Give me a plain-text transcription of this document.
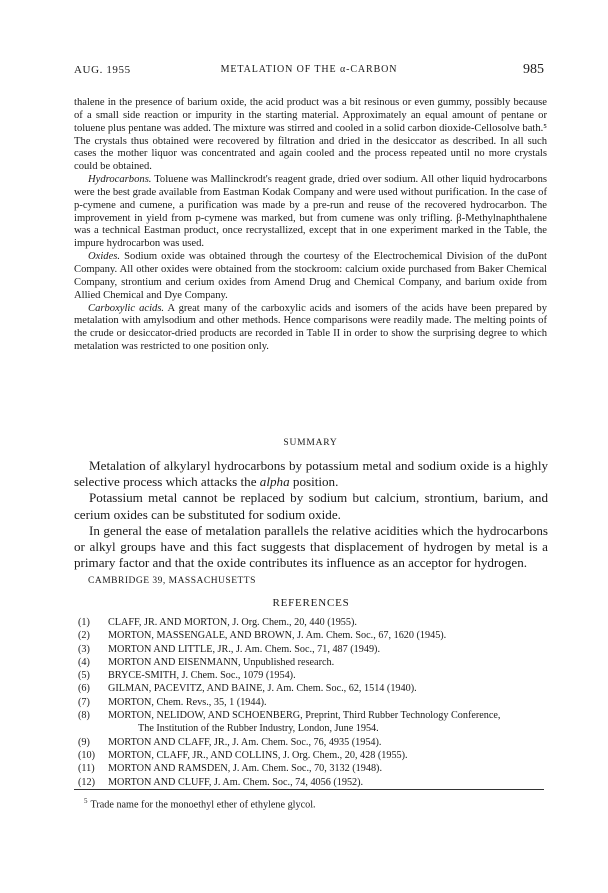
AUG. 1955	METALATION OF THE α-CARBON	985

thalene in the presence of barium oxide, the acid product was a bit resinous or even gummy, possibly because of a small side reaction or impurity in the starting material. Approximately an equal amount of pentane or toluene plus pentane was added. The mixture was stirred and cooled in a solid carbon dioxide-Cellosolve bath.⁵ The crystals thus obtained were recovered by filtration and dried in the desiccator as described. In all such cases the mother liquor was concentrated and again cooled and the process repeated until no more crystals could be obtained.

Hydrocarbons. Toluene was Mallinckrodt's reagent grade, dried over sodium. All other liquid hydrocarbons were the best grade available from Eastman Kodak Company and were used without purification. In the case of p-cymene and cumene, a purification was made by a pre-run and reuse of the recovered hydrocarbon. The improvement in yield from p-cymene was marked, but from cumene was only trifling. β-Methylnaphthalene was a technical Eastman product, once recrystallized, except that in one experiment marked in the Table, the impure hydrocarbon was used.

Oxides. Sodium oxide was obtained through the courtesy of the Electrochemical Division of the duPont Company. All other oxides were obtained from the stockroom: calcium oxide purchased from Baker Chemical Company, strontium and cerium oxides from Amend Drug and Chemical Company, and barium oxide from Allied Chemical and Dye Company.

Carboxylic acids. A great many of the carboxylic acids and isomers of the acids have been prepared by metalation with amylsodium and other methods. Hence comparisons were readily made. The melting points of the crude or desiccator-dried products are recorded in Table II in order to show the surprising degree to which metalation was restricted to one position only.

SUMMARY

Metalation of alkylaryl hydrocarbons by potassium metal and sodium oxide is a highly selective process which attacks the alpha position.

Potassium metal cannot be replaced by sodium but calcium, strontium, barium, and cerium oxides can be substituted for sodium oxide.

In general the ease of metalation parallels the relative acidities which the hydrocarbons or alkyl groups have and this fact suggests that displacement of hydrogen by metal is a primary factor and that the oxide contributes its influence as an acceptor for hydrogen.

CAMBRIDGE 39, MASSACHUSETTS
REFERENCES
(1)	CLAFF, JR. AND MORTON, J. Org. Chem., 20, 440 (1955).
(2)	MORTON, MASSENGALE, AND BROWN, J. Am. Chem. Soc., 67, 1620 (1945).
(3)	MORTON AND LITTLE, JR., J. Am. Chem. Soc., 71, 487 (1949).
(4)	MORTON AND EISENMANN, Unpublished research.
(5)	BRYCE-SMITH, J. Chem. Soc., 1079 (1954).
(6)	GILMAN, PACEVITZ, AND BAINE, J. Am. Chem. Soc., 62, 1514 (1940).
(7)	MORTON, Chem. Revs., 35, 1 (1944).
(8)	MORTON, NELIDOW, AND SCHOENBERG, Preprint, Third Rubber Technology Conference,
The Institution of the Rubber Industry, London, June 1954.
(9)	MORTON AND CLAFF, JR., J. Am. Chem. Soc., 76, 4935 (1954).
(10)	MORTON, CLAFF, JR., AND COLLINS, J. Org. Chem., 20, 428 (1955).
(11)	MORTON AND RAMSDEN, J. Am. Chem. Soc., 70, 3132 (1948).
(12)	MORTON AND CLUFF, J. Am. Chem. Soc., 74, 4056 (1952).
$^5$ Trade name for the monoethyl ether of ethylene glycol.
